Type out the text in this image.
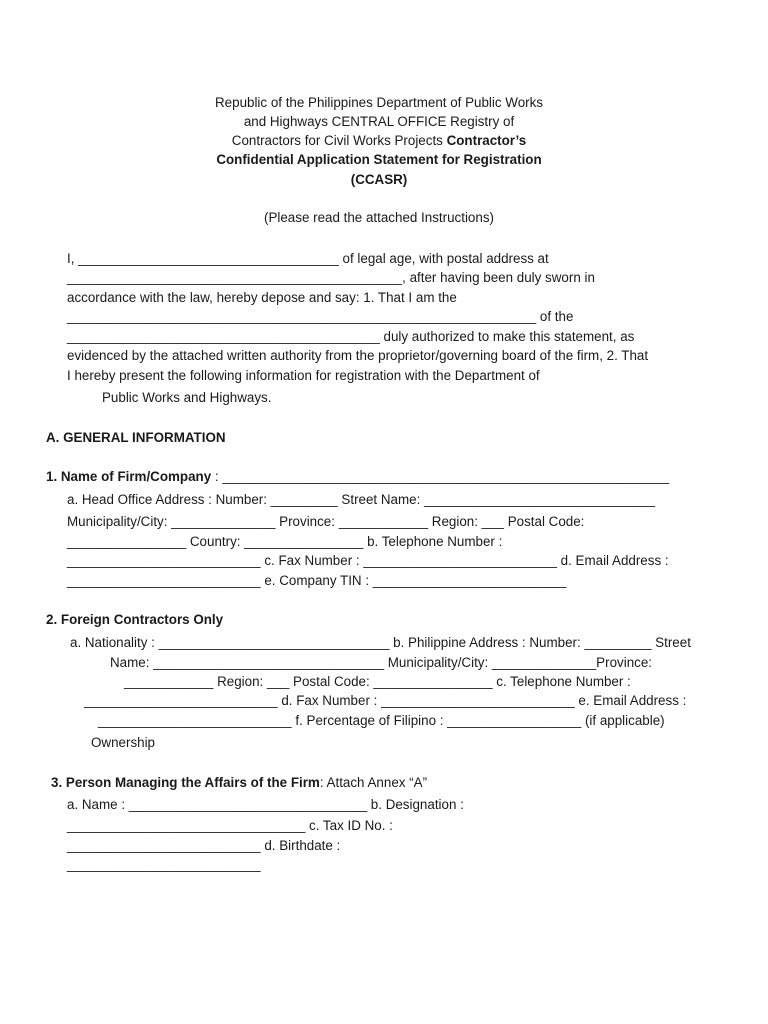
Republic of the Philippines Department of Public Works
and Highways CENTRAL OFFICE Registry of
Contractors for Civil Works Projects Contractor’s
Confidential Application Statement for Registration
(CCASR)
(Please read the attached Instructions)
I, ___________________________________ of legal age, with postal address at
_____________________________________________, after having been duly sworn in
accordance with the law, hereby depose and say: 1. That I am the
_______________________________________________________________ of the
__________________________________________ duly authorized to make this statement, as
evidenced by the attached written authority from the proprietor/governing board of the firm, 2. That
I hereby present the following information for registration with the Department of
Public Works and Highways.
A. GENERAL INFORMATION
1. Name of Firm/Company : ____________________________________________________________
a. Head Office Address : Number: _________ Street Name: _______________________________
Municipality/City: ______________ Province: ____________ Region: ___ Postal Code:
________________ Country: ________________ b. Telephone Number :
__________________________ c. Fax Number : __________________________ d. Email Address :
__________________________ e. Company TIN : __________________________
2. Foreign Contractors Only
a. Nationality : _______________________________ b. Philippine Address : Number: _________ Street
Name: _______________________________ Municipality/City: ______________Province:
____________ Region: ___ Postal Code: ________________ c. Telephone Number :
__________________________ d. Fax Number : __________________________ e. Email Address :
__________________________ f. Percentage of Filipino : __________________ (if applicable)
Ownership
3. Person Managing the Affairs of the Firm: Attach Annex “A”
a. Name : ________________________________ b. Designation :
________________________________ c. Tax ID No. :
__________________________ d. Birthdate :
__________________________
